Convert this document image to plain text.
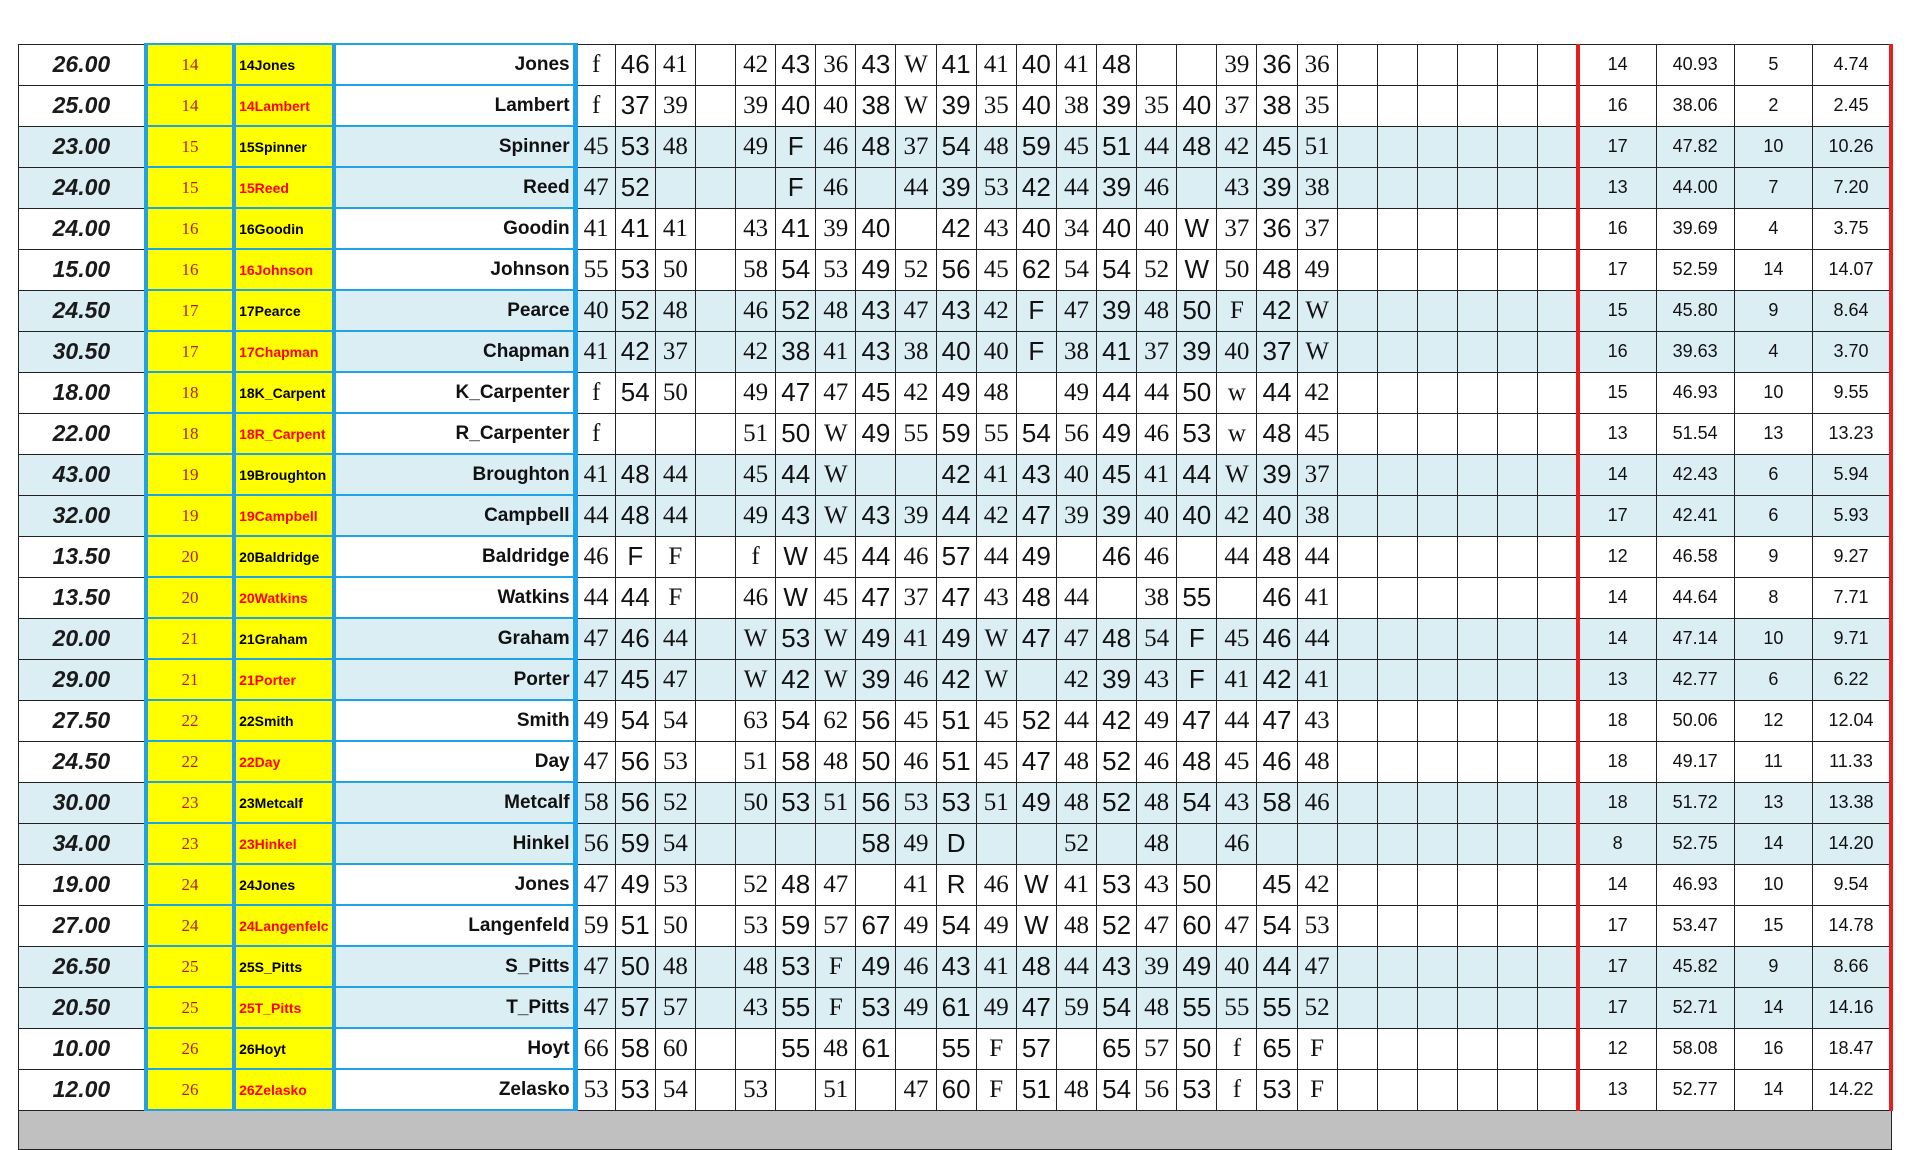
26.00	14	14Jones	Jones	f	46	41		42	43	36	43	W	41	41	40	41	48			39	36	36							14	40.93	5	4.74
25.00	14	14Lambert	Lambert	f	37	39		39	40	40	38	W	39	35	40	38	39	35	40	37	38	35							16	38.06	2	2.45
23.00	15	15Spinner	Spinner	45	53	48		49	F	46	48	37	54	48	59	45	51	44	48	42	45	51							17	47.82	10	10.26
24.00	15	15Reed	Reed	47	52				F	46		44	39	53	42	44	39	46		43	39	38							13	44.00	7	7.20
24.00	16	16Goodin	Goodin	41	41	41		43	41	39	40		42	43	40	34	40	40	W	37	36	37							16	39.69	4	3.75
15.00	16	16Johnson	Johnson	55	53	50		58	54	53	49	52	56	45	62	54	54	52	W	50	48	49							17	52.59	14	14.07
24.50	17	17Pearce	Pearce	40	52	48		46	52	48	43	47	43	42	F	47	39	48	50	F	42	W							15	45.80	9	8.64
30.50	17	17Chapman	Chapman	41	42	37		42	38	41	43	38	40	40	F	38	41	37	39	40	37	W							16	39.63	4	3.70
18.00	18	18K_Carpent	K_Carpenter	f	54	50		49	47	47	45	42	49	48		49	44	44	50	w	44	42							15	46.93	10	9.55
22.00	18	18R_Carpent	R_Carpenter	f				51	50	W	49	55	59	55	54	56	49	46	53	w	48	45							13	51.54	13	13.23
43.00	19	19Broughton	Broughton	41	48	44		45	44	W			42	41	43	40	45	41	44	W	39	37							14	42.43	6	5.94
32.00	19	19Campbell	Campbell	44	48	44		49	43	W	43	39	44	42	47	39	39	40	40	42	40	38							17	42.41	6	5.93
13.50	20	20Baldridge	Baldridge	46	F	F		f	W	45	44	46	57	44	49		46	46		44	48	44							12	46.58	9	9.27
13.50	20	20Watkins	Watkins	44	44	F		46	W	45	47	37	47	43	48	44		38	55		46	41							14	44.64	8	7.71
20.00	21	21Graham	Graham	47	46	44		W	53	W	49	41	49	W	47	47	48	54	F	45	46	44							14	47.14	10	9.71
29.00	21	21Porter	Porter	47	45	47		W	42	W	39	46	42	W		42	39	43	F	41	42	41							13	42.77	6	6.22
27.50	22	22Smith	Smith	49	54	54		63	54	62	56	45	51	45	52	44	42	49	47	44	47	43							18	50.06	12	12.04
24.50	22	22Day	Day	47	56	53		51	58	48	50	46	51	45	47	48	52	46	48	45	46	48							18	49.17	11	11.33
30.00	23	23Metcalf	Metcalf	58	56	52		50	53	51	56	53	53	51	49	48	52	48	54	43	58	46							18	51.72	13	13.38
34.00	23	23Hinkel	Hinkel	56	59	54					58	49	D			52		48		46									8	52.75	14	14.20
19.00	24	24Jones	Jones	47	49	53		52	48	47		41	R	46	W	41	53	43	50		45	42							14	46.93	10	9.54
27.00	24	24Langenfelc	Langenfeld	59	51	50		53	59	57	67	49	54	49	W	48	52	47	60	47	54	53							17	53.47	15	14.78
26.50	25	25S_Pitts	S_Pitts	47	50	48		48	53	F	49	46	43	41	48	44	43	39	49	40	44	47							17	45.82	9	8.66
20.50	25	25T_Pitts	T_Pitts	47	57	57		43	55	F	53	49	61	49	47	59	54	48	55	55	55	52							17	52.71	14	14.16
10.00	26	26Hoyt	Hoyt	66	58	60			55	48	61		55	F	57		65	57	50	f	65	F							12	58.08	16	18.47
12.00	26	26Zelasko	Zelasko	53	53	54		53		51		47	60	F	51	48	54	56	53	f	53	F							13	52.77	14	14.22
